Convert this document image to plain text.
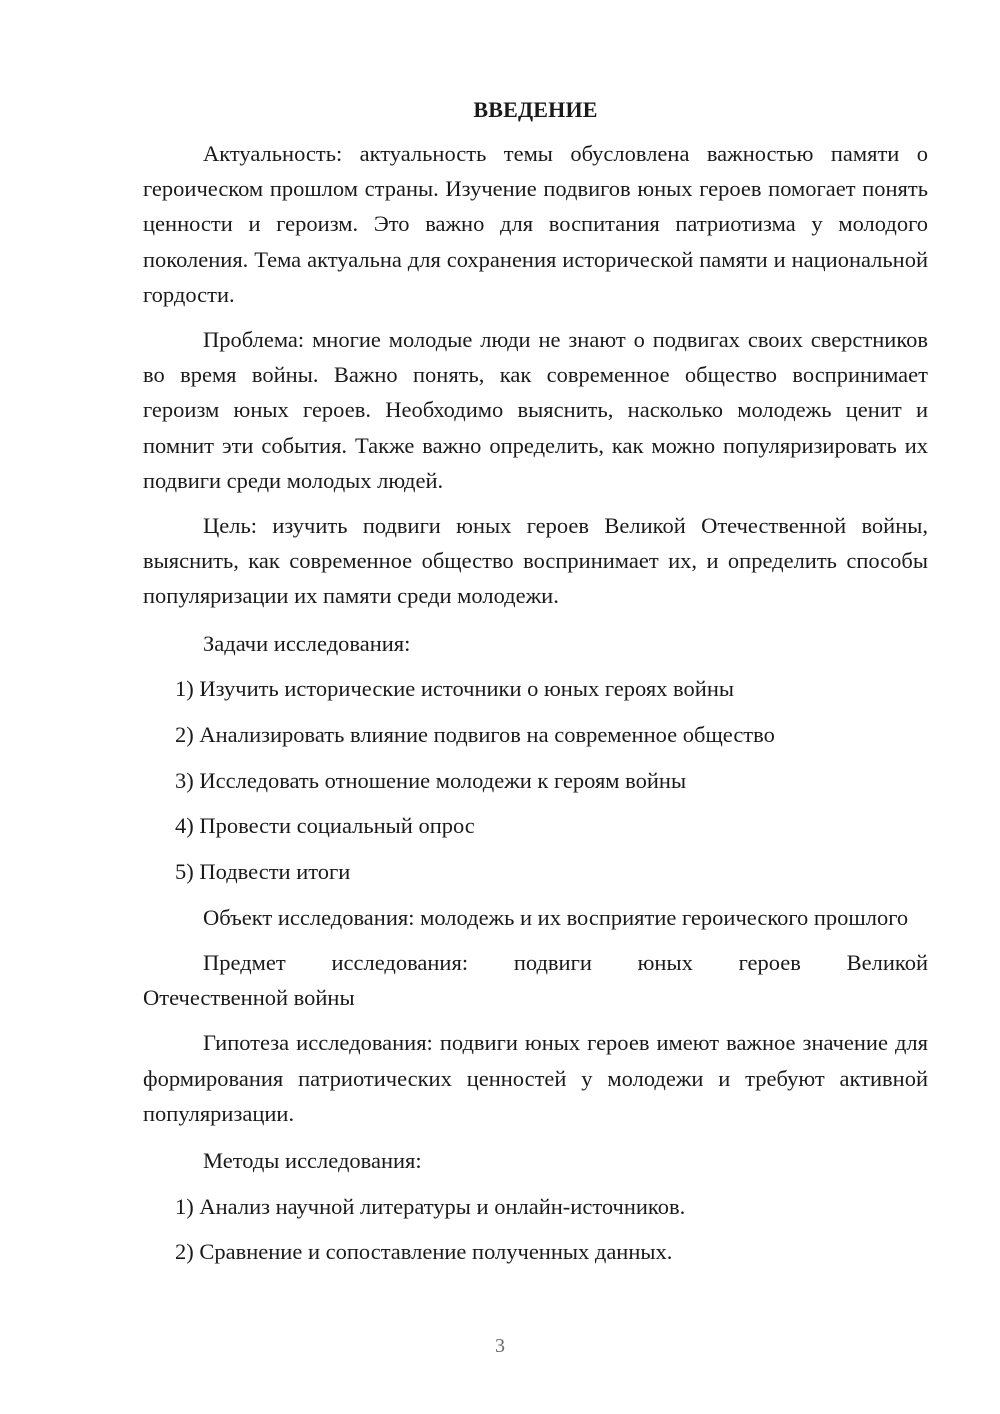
ВВЕДЕНИЕ

Актуальность: актуальность темы обусловлена важностью памяти о героическом прошлом страны. Изучение подвигов юных героев помогает понять ценности и героизм. Это важно для воспитания патриотизма у молодого поколения. Тема актуальна для сохранения исторической памяти и национальной гордости.

Проблема: многие молодые люди не знают о подвигах своих сверстников во время войны. Важно понять, как современное общество воспринимает героизм юных героев. Необходимо выяснить, насколько молодежь ценит и помнит эти события. Также важно определить, как можно популяризировать их подвиги среди молодых людей.

Цель: изучить подвиги юных героев Великой Отечественной войны, выяснить, как современное общество воспринимает их, и определить способы популяризации их памяти среди молодежи.

Задачи исследования:
1) Изучить исторические источники о юных героях войны
2) Анализировать влияние подвигов на современное общество
3) Исследовать отношение молодежи к героям войны
4) Провести социальный опрос
5) Подвести итоги

Объект исследования: молодежь и их восприятие героического прошлого

Предмет исследования: подвиги юных героев Великой
Отечественной войны

Гипотеза исследования: подвиги юных героев имеют важное значение для формирования патриотических ценностей у молодежи и требуют активной популяризации.

Методы исследования:
1) Анализ научной литературы и онлайн-источников.
2) Сравнение и сопоставление полученных данных.
3
